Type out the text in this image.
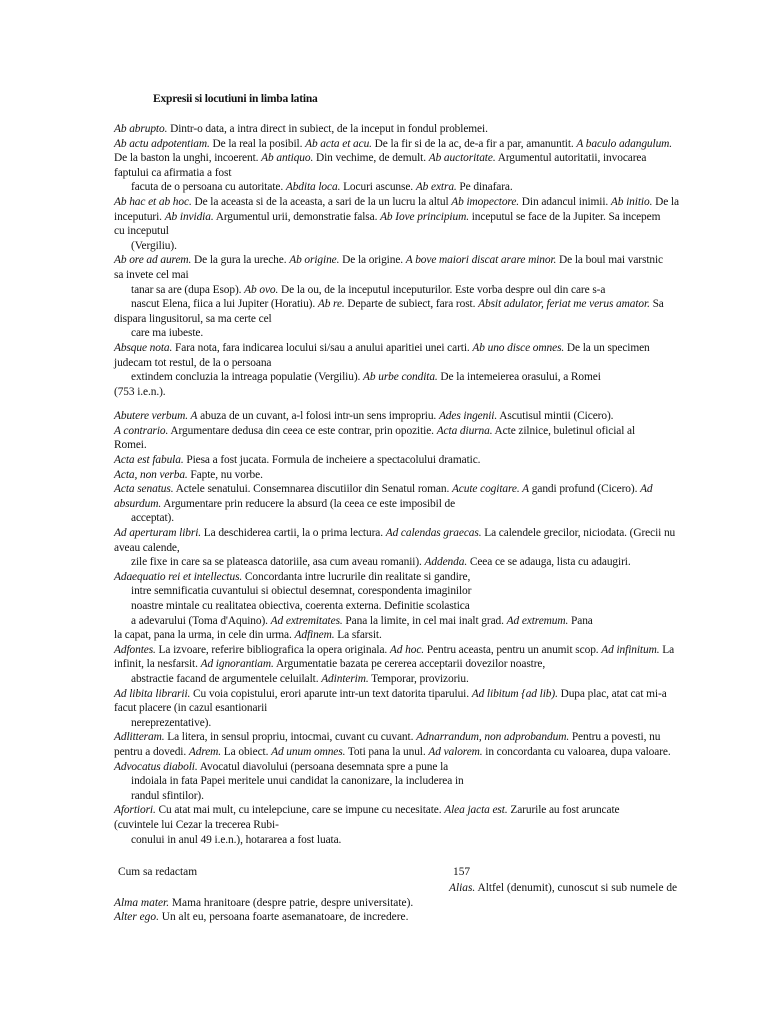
Expresii si locutiuni in limba latina
Ab abrupto. Dintr-o data, a intra direct in subiect, de la inceput in fondul problemei.
Ab actu adpotentiam. De la real la posibil. Ab acta et acu. De la fir si de la ac, de-a fir a par, amanuntit. A baculo adangulum.
De la baston la unghi, incoerent. Ab antiquo. Din vechime, de demult. Ab auctoritate. Argumentul autoritatii, invocarea
faptului ca afirmatia a fost
facuta de o persoana cu autoritate. Abdita loca. Locuri ascunse. Ab extra. Pe dinafara.
Ab hac et ab hoc. De la aceasta si de la aceasta, a sari de la un lucru la altul Ab imopectore. Din adancul inimii. Ab initio. De la
inceputuri. Ab invidia. Argumentul urii, demonstratie falsa. Ab Iove principium. inceputul se face de la Jupiter. Sa incepem
cu inceputul
(Vergiliu).
Ab ore ad aurem. De la gura la ureche. Ab origine. De la origine. A bove maiori discat arare minor. De la boul mai varstnic
sa invete cel mai
tanar sa are (dupa Esop). Ab ovo. De la ou, de la inceputul inceputurilor. Este vorba despre oul din care s-a
nascut Elena, fiica a lui Jupiter (Horatiu). Ab re. Departe de subiect, fara rost. Absit adulator, feriat me verus amator. Sa
dispara lingusitorul, sa ma certe cel
care ma iubeste.
Absque nota. Fara nota, fara indicarea locului si/sau a anului aparitiei unei carti. Ab uno disce omnes. De la un specimen
judecam tot restul, de la o persoana
extindem concluzia la intreaga populatie (Vergiliu). Ab urbe condita. De la intemeierea orasului, a Romei
(753 i.e.n.).
Abutere verbum. A abuza de un cuvant, a-l folosi intr-un sens impropriu. Ades ingenii. Ascutisul mintii (Cicero).
A contrario. Argumentare dedusa din ceea ce este contrar, prin opozitie. Acta diurna. Acte zilnice, buletinul oficial al
Romei.
Acta est fabula. Piesa a fost jucata. Formula de incheiere a spectacolului dramatic.
Acta, non verba. Fapte, nu vorbe.
Acta senatus. Actele senatului. Consemnarea discutiilor din Senatul roman. Acute cogitare. A gandi profund (Cicero). Ad
absurdum. Argumentare prin reducere la absurd (la ceea ce este imposibil de
acceptat).
Ad aperturam libri. La deschiderea cartii, la o prima lectura. Ad calendas graecas. La calendele grecilor, niciodata. (Grecii nu
aveau calende,
zile fixe in care sa se plateasca datoriile, asa cum aveau romanii). Addenda. Ceea ce se adauga, lista cu adaugiri.
Adaequatio rei et intellectus. Concordanta intre lucrurile din realitate si gandire,
intre semnificatia cuvantului si obiectul desemnat, corespondenta imaginilor
noastre mintale cu realitatea obiectiva, coerenta externa. Definitie scolastica
a adevarului (Toma d'Aquino). Ad extremitates. Pana la limite, in cel mai inalt grad. Ad extremum. Pana
la capat, pana la urma, in cele din urma. Adfinem. La sfarsit.
Adfontes. La izvoare, referire bibliografica la opera originala. Ad hoc. Pentru aceasta, pentru un anumit scop. Ad infinitum. La
infinit, la nesfarsit. Ad ignorantiam. Argumentatie bazata pe cererea acceptarii dovezilor noastre,
abstractie facand de argumentele celuilalt. Adinterim. Temporar, provizoriu.
Ad libita librarii. Cu voia copistului, erori aparute intr-un text datorita tiparului. Ad libitum {ad lib). Dupa plac, atat cat mi-a
facut placere (in cazul esantionarii
nereprezentative).
Adlitteram. La litera, in sensul propriu, intocmai, cuvant cu cuvant. Adnarrandum, non adprobandum. Pentru a povesti, nu
pentru a dovedi. Adrem. La obiect. Ad unum omnes. Toti pana la unul. Ad valorem. in concordanta cu valoarea, dupa valoare.
Advocatus diaboli. Avocatul diavolului (persoana desemnata spre a pune la
indoiala in fata Papei meritele unui candidat la canonizare, la includerea in
randul sfintilor).
Afortiori. Cu atat mai mult, cu intelepciune, care se impune cu necesitate. Alea jacta est. Zarurile au fost aruncate
(cuvintele lui Cezar la trecerea Rubi-
conului in anul 49 i.e.n.), hotararea a fost luata.
Cum sa redactam	157
Alias. Altfel (denumit), cunoscut si sub numele de
Alma mater. Mama hranitoare (despre patrie, despre universitate).
Alter ego. Un alt eu, persoana foarte asemanatoare, de incredere.
